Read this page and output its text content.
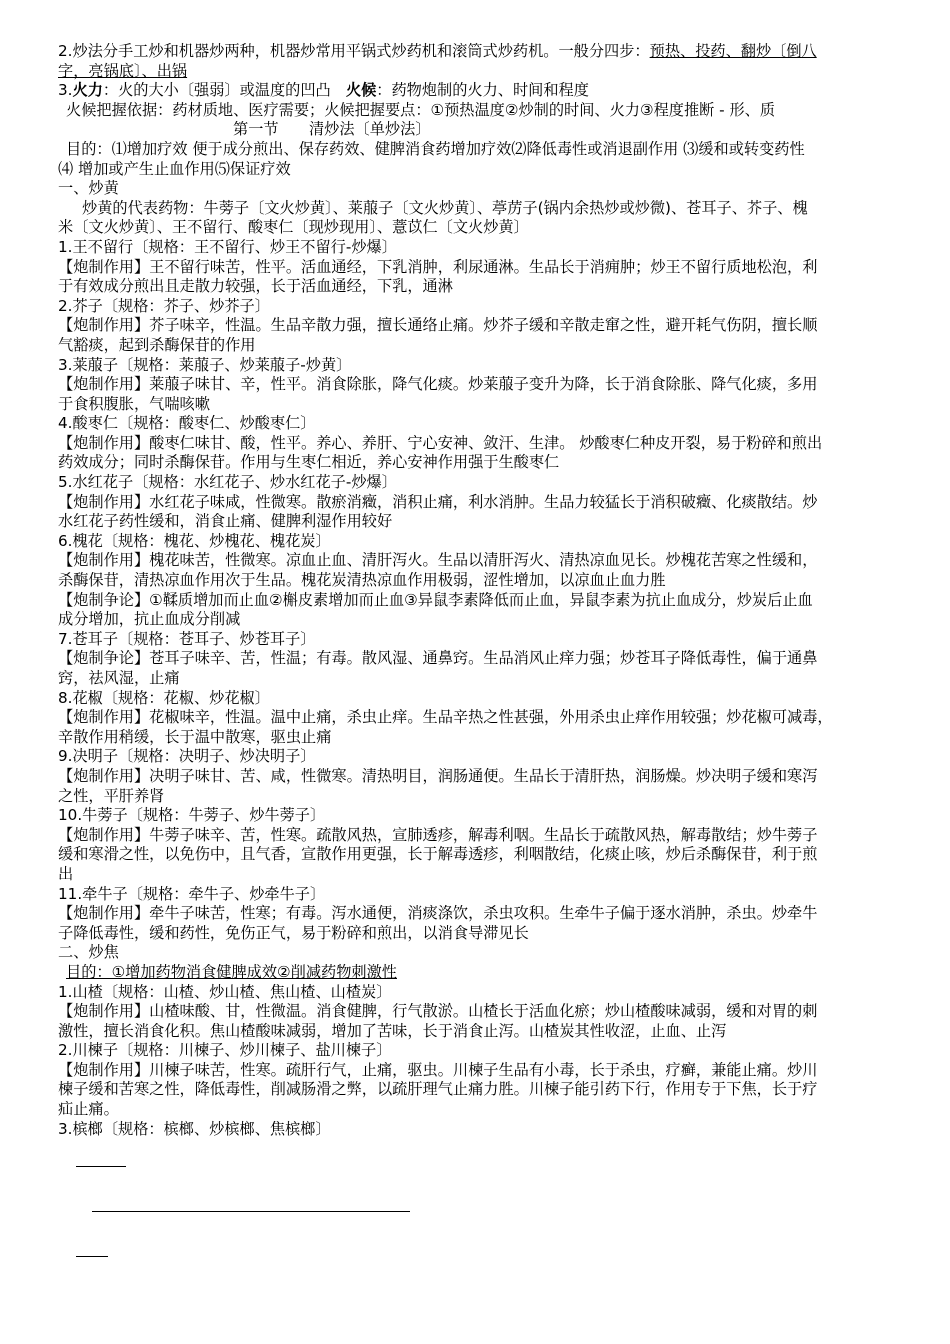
2.炒法分手工炒和机器炒两种，机器炒常用平锅式炒药机和滚筒式炒药机。一般分四步：预热、投药、翻炒〔倒八
字，亮锅底〕、出锅
3.火力：火的大小〔强弱〕或温度的凹凸　火候：药物炮制的火力、时间和程度
火候把握依据：药材质地、医疗需要；火候把握要点：①预热温度②炒制的时间、火力③程度推断 - 形、质
第一节　　清炒法〔单炒法〕
目的：⑴增加疗效 便于成分煎出、保存药效、健脾消食药增加疗效⑵降低毒性或消退副作用 ⑶缓和或转变药性
⑷ 增加或产生止血作用⑸保证疗效
一、炒黄
炒黄的代表药物：牛蒡子〔文火炒黄〕、莱菔子〔文火炒黄〕、葶苈子(锅内余热炒或炒微)、苍耳子、芥子、槐
米〔文火炒黄〕、王不留行、酸枣仁〔现炒现用〕、薏苡仁〔文火炒黄〕
1.王不留行〔规格：王不留行、炒王不留行-炒爆〕
【炮制作用】王不留行味苦，性平。活血通经，下乳消肿，利尿通淋。生品长于消痈肿；炒王不留行质地松泡，利
于有效成分煎出且走散力较强，长于活血通经，下乳，通淋
2.芥子〔规格：芥子、炒芥子〕
【炮制作用】芥子味辛，性温。生品辛散力强，擅长通络止痛。炒芥子缓和辛散走窜之性，避开耗气伤阴，擅长顺
气豁痰，起到杀酶保苷的作用
3.莱菔子〔规格：莱菔子、炒莱菔子-炒黄〕
【炮制作用】莱菔子味甘、辛，性平。消食除胀，降气化痰。炒莱菔子变升为降，长于消食除胀、降气化痰，多用
于食积腹胀，气喘咳嗽
4.酸枣仁〔规格：酸枣仁、炒酸枣仁〕
【炮制作用】酸枣仁味甘、酸，性平。养心、养肝、宁心安神、敛汗、生津。 炒酸枣仁种皮开裂，易于粉碎和煎出
药效成分；同时杀酶保苷。作用与生枣仁相近，养心安神作用强于生酸枣仁
5.水红花子〔规格：水红花子、炒水红花子-炒爆〕
【炮制作用】水红花子味咸，性微寒。散瘀消癥，消积止痛，利水消肿。生品力较猛长于消积破癥、化痰散结。炒
水红花子药性缓和，消食止痛、健脾利湿作用较好
6.槐花〔规格：槐花、炒槐花、槐花炭〕
【炮制作用】槐花味苦，性微寒。凉血止血、清肝泻火。生品以清肝泻火、清热凉血见长。炒槐花苦寒之性缓和，
杀酶保苷，清热凉血作用次于生品。槐花炭清热凉血作用极弱，涩性增加，以凉血止血力胜
【炮制争论】①鞣质增加而止血②槲皮素增加而止血③异鼠李素降低而止血，异鼠李素为抗止血成分，炒炭后止血
成分增加，抗止血成分削减
7.苍耳子〔规格：苍耳子、炒苍耳子〕
【炮制争论】苍耳子味辛、苦，性温；有毒。散风湿、通鼻窍。生品消风止痒力强；炒苍耳子降低毒性，偏于通鼻
窍，祛风湿，止痛
8.花椒〔规格：花椒、炒花椒〕
【炮制作用】花椒味辛，性温。温中止痛，杀虫止痒。生品辛热之性甚强，外用杀虫止痒作用较强；炒花椒可减毒，
辛散作用稍缓，长于温中散寒，驱虫止痛
9.决明子〔规格：决明子、炒决明子〕
【炮制作用】决明子味甘、苦、咸，性微寒。清热明目，润肠通便。生品长于清肝热，润肠燥。炒决明子缓和寒泻
之性，平肝养肾
10.牛蒡子〔规格：牛蒡子、炒牛蒡子〕
【炮制作用】牛蒡子味辛、苦，性寒。疏散风热，宣肺透疹，解毒利咽。生品长于疏散风热，解毒散结；炒牛蒡子
缓和寒滑之性，以免伤中，且气香，宣散作用更强，长于解毒透疹，利咽散结，化痰止咳，炒后杀酶保苷，利于煎
出
11.牵牛子〔规格：牵牛子、炒牵牛子〕
【炮制作用】牵牛子味苦，性寒；有毒。泻水通便，消痰涤饮，杀虫攻积。生牵牛子偏于逐水消肿，杀虫。炒牵牛
子降低毒性，缓和药性，免伤正气，易于粉碎和煎出，以消食导滞见长
二、炒焦
目的：①增加药物消食健脾成效②削减药物刺激性
1.山楂〔规格：山楂、炒山楂、焦山楂、山楂炭〕
【炮制作用】山楂味酸、甘，性微温。消食健脾，行气散淤。山楂长于活血化瘀；炒山楂酸味减弱，缓和对胃的刺
激性，擅长消食化积。焦山楂酸味减弱，增加了苦味，长于消食止泻。山楂炭其性收涩，止血、止泻
2.川楝子〔规格：川楝子、炒川楝子、盐川楝子〕
【炮制作用】川楝子味苦，性寒。疏肝行气，止痛，驱虫。川楝子生品有小毒，长于杀虫，疗癣，兼能止痛。炒川
楝子缓和苦寒之性，降低毒性，削减肠滑之弊，以疏肝理气止痛力胜。川楝子能引药下行，作用专于下焦，长于疗
疝止痛。
3.槟榔〔规格：槟榔、炒槟榔、焦槟榔〕
